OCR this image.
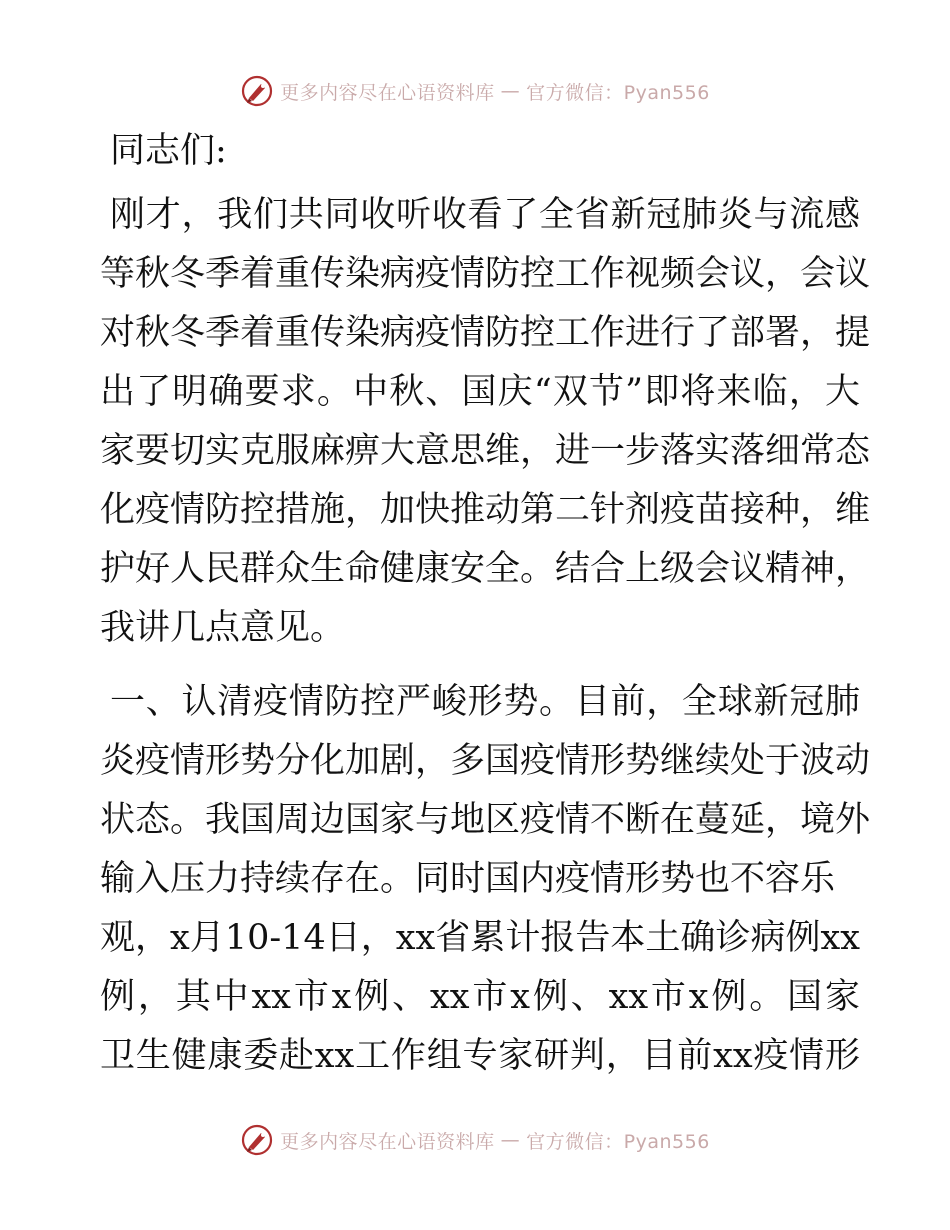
更多内容尽在心语资料库 — 官方微信：Pyan556
同志们:
刚才，我们共同收听收看了全省新冠肺炎与流感
等秋冬季着重传染病疫情防控工作视频会议，会议
对秋冬季着重传染病疫情防控工作进行了部署，提
出了明确要求。中秋、国庆“双节”即将来临，大
家要切实克服麻痹大意思维，进一步落实落细常态
化疫情防控措施，加快推动第二针剂疫苗接种，维
护好人民群众生命健康安全。结合上级会议精神，
我讲几点意见。
一、认清疫情防控严峻形势。目前，全球新冠肺
炎疫情形势分化加剧，多国疫情形势继续处于波动
状态。我国周边国家与地区疫情不断在蔓延，境外
输入压力持续存在。同时国内疫情形势也不容乐
观，x月10-14日，xx省累计报告本土确诊病例xx
例，其中xx市x例、xx市x例、xx市x例。国家
卫生健康委赴xx工作组专家研判，目前xx疫情形
更多内容尽在心语资料库 — 官方微信：Pyan556
